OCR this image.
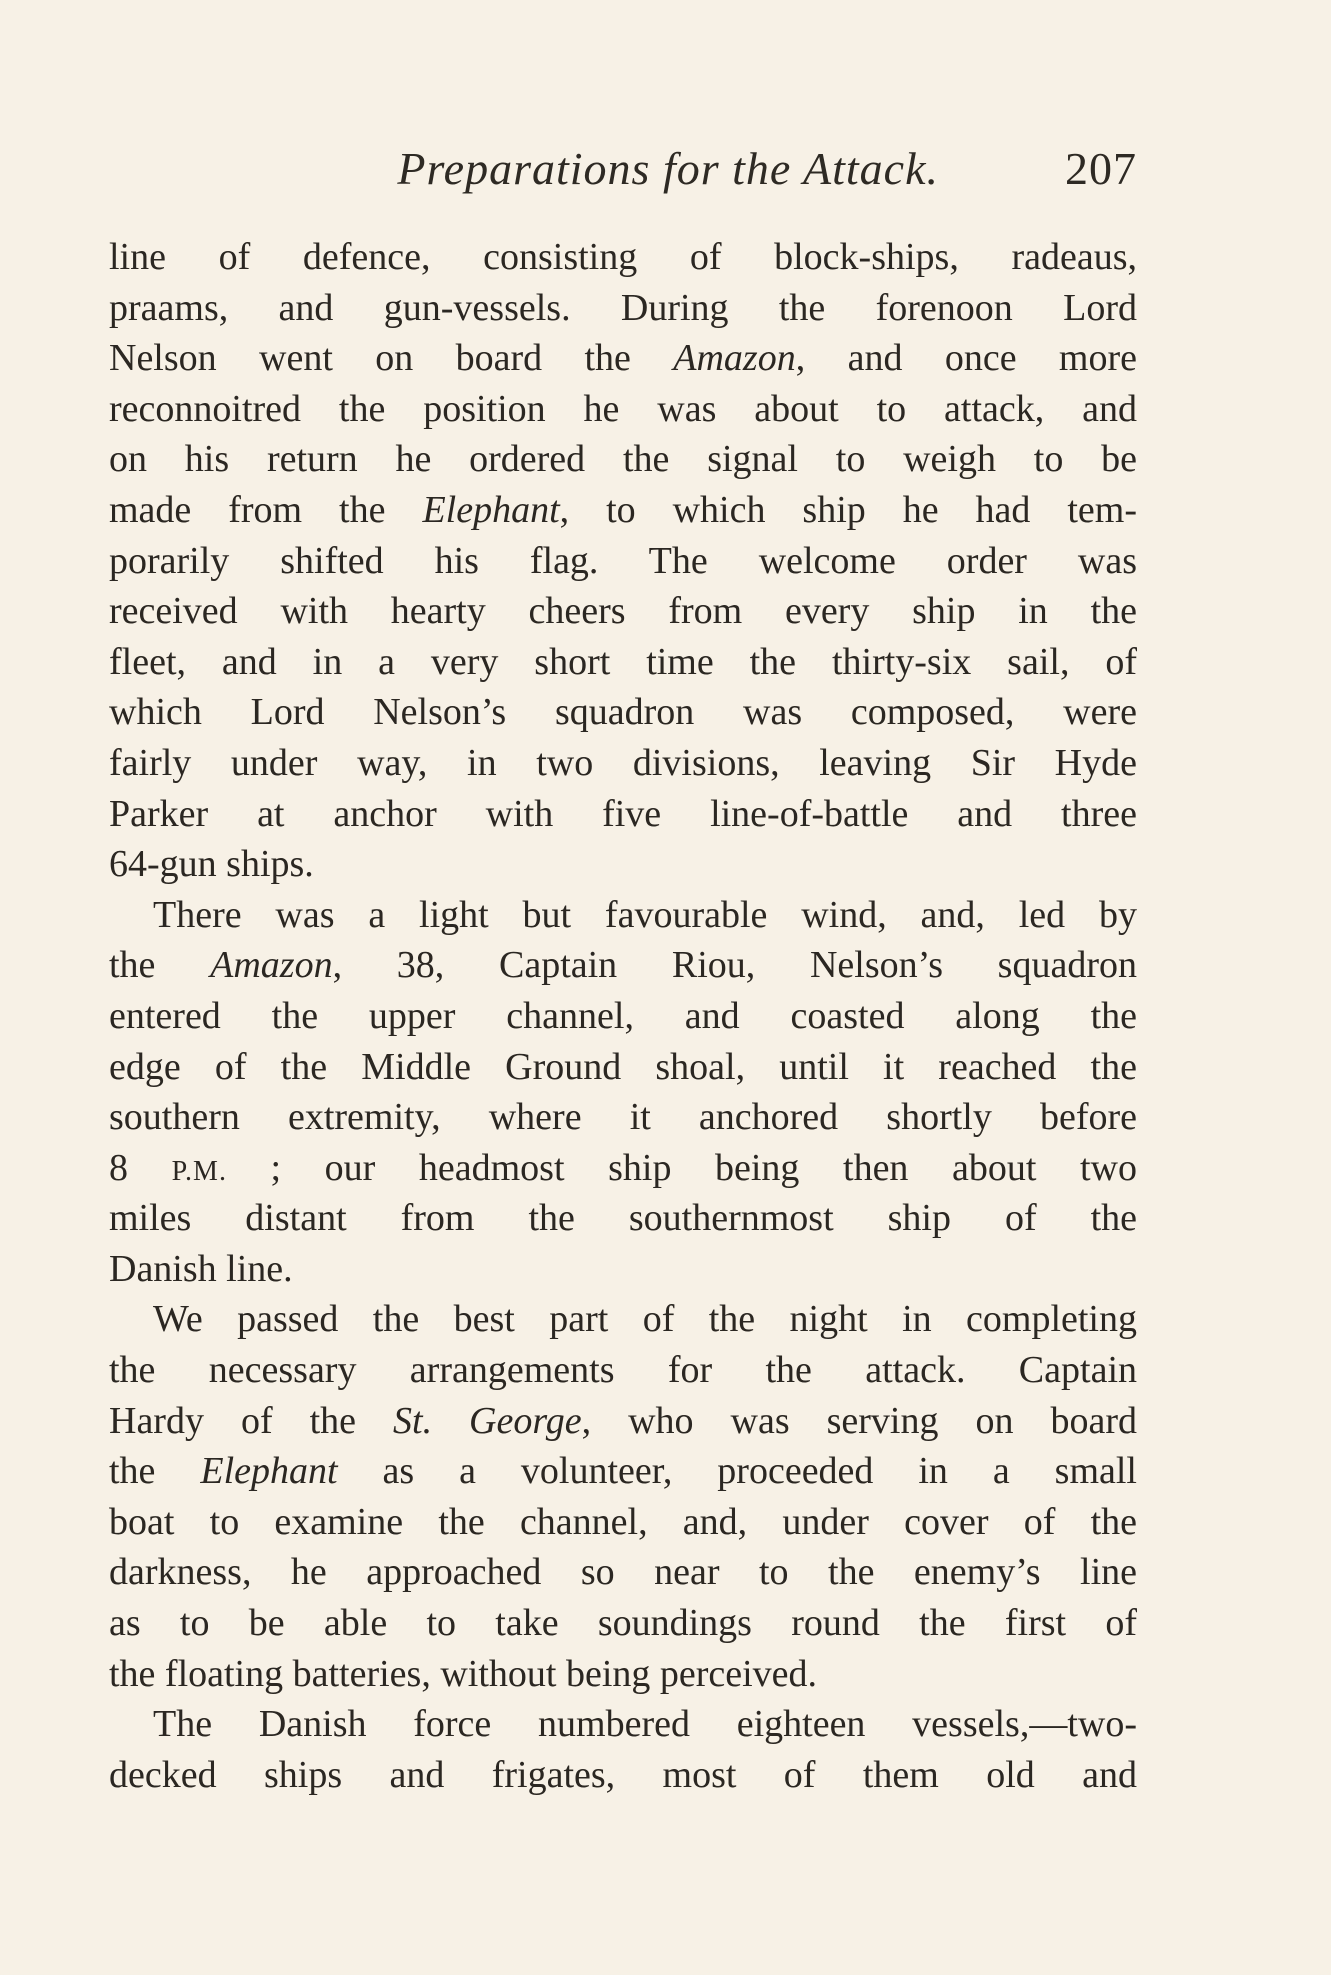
Preparations for the Attack.	207
line of defence, consisting of block-ships, radeaus,
praams, and gun-vessels. During the forenoon Lord
Nelson went on board the Amazon, and once more
reconnoitred the position he was about to attack, and
on his return he ordered the signal to weigh to be
made from the Elephant, to which ship he had tem-
porarily shifted his flag. The welcome order was
received with hearty cheers from every ship in the
fleet, and in a very short time the thirty-six sail, of
which Lord Nelson’s squadron was composed, were
fairly under way, in two divisions, leaving Sir Hyde
Parker at anchor with five line-of-battle and three
64-gun ships.
There was a light but favourable wind, and, led by
the Amazon, 38, Captain Riou, Nelson’s squadron
entered the upper channel, and coasted along the
edge of the Middle Ground shoal, until it reached the
southern extremity, where it anchored shortly before
8 P.M. ; our headmost ship being then about two
miles distant from the southernmost ship of the
Danish line.
We passed the best part of the night in completing
the necessary arrangements for the attack. Captain
Hardy of the St. George, who was serving on board
the Elephant as a volunteer, proceeded in a small
boat to examine the channel, and, under cover of the
darkness, he approached so near to the enemy’s line
as to be able to take soundings round the first of
the floating batteries, without being perceived.
The Danish force numbered eighteen vessels,—two-
decked ships and frigates, most of them old and
